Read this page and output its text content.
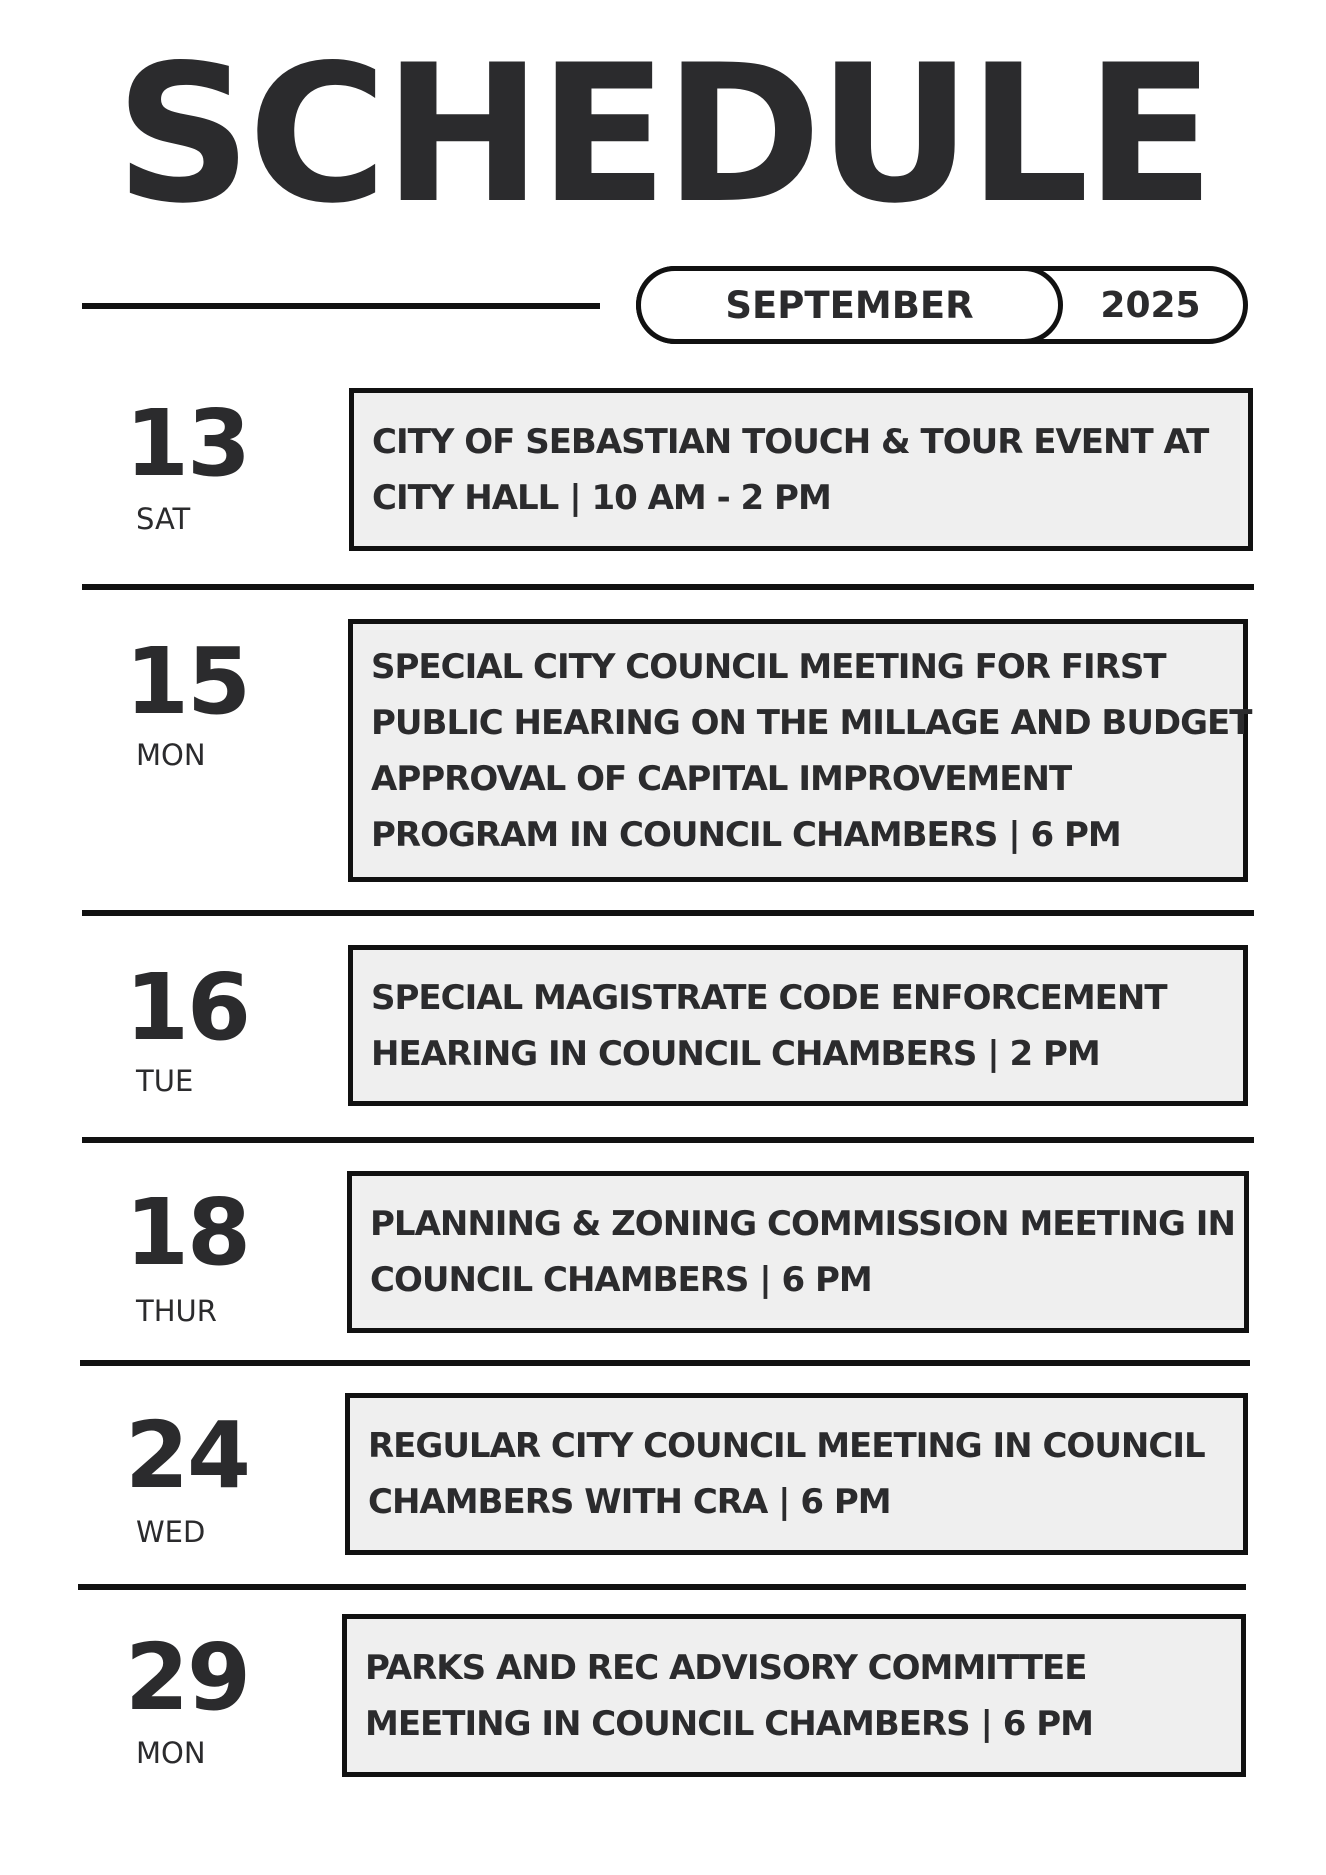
SCHEDULE
SEPTEMBER	2025
13
SAT
CITY OF SEBASTIAN TOUCH & TOUR EVENT AT
CITY HALL | 10 AM - 2 PM
15
MON
SPECIAL CITY COUNCIL MEETING FOR FIRST
PUBLIC HEARING ON THE MILLAGE AND BUDGET
APPROVAL OF CAPITAL IMPROVEMENT
PROGRAM IN COUNCIL CHAMBERS | 6 PM
16
TUE
SPECIAL MAGISTRATE CODE ENFORCEMENT
HEARING IN COUNCIL CHAMBERS | 2 PM
18
THUR
PLANNING & ZONING COMMISSION MEETING IN
COUNCIL CHAMBERS | 6 PM
24
WED
REGULAR CITY COUNCIL MEETING IN COUNCIL
CHAMBERS WITH CRA | 6 PM
29
MON
PARKS AND REC ADVISORY COMMITTEE
MEETING IN COUNCIL CHAMBERS | 6 PM
